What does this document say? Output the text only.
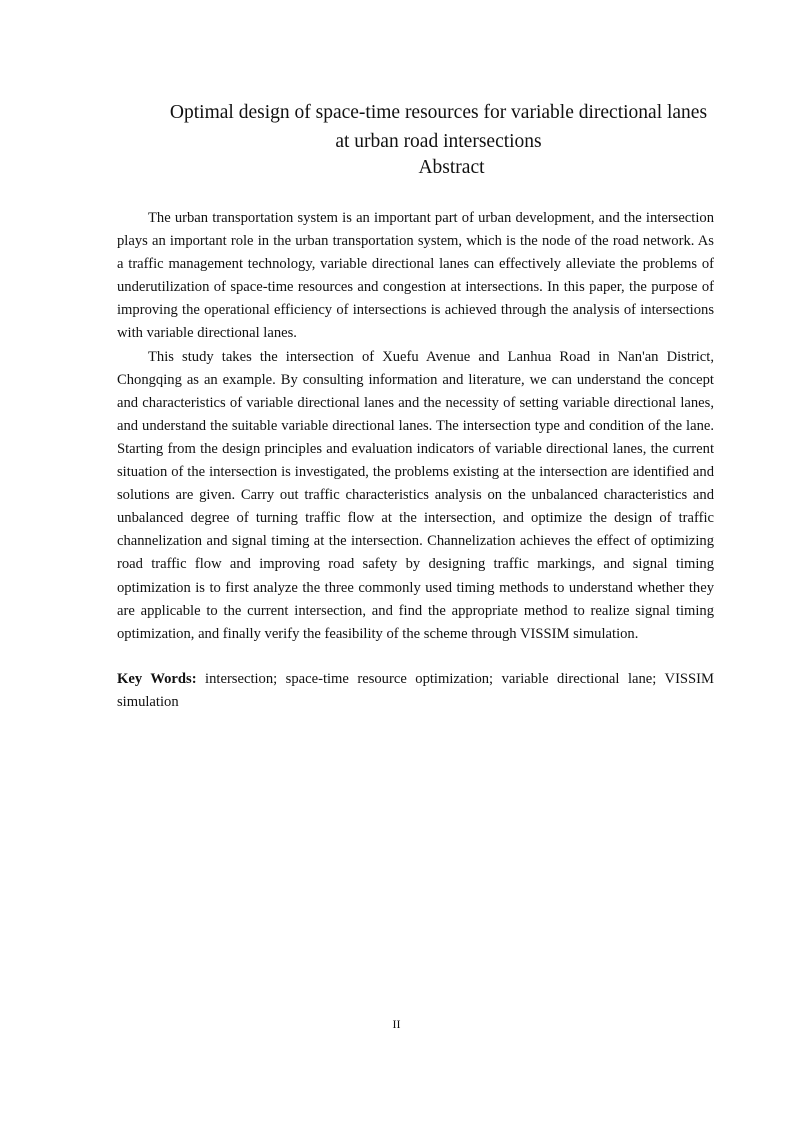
Optimal design of space-time resources for variable directional lanes
at urban road intersections
Abstract

The urban transportation system is an important part of urban development, and the intersection plays an important role in the urban transportation system, which is the node of the road network. As a traffic management technology, variable directional lanes can effectively alleviate the problems of underutilization of space-time resources and congestion at intersections. In this paper, the purpose of improving the operational efficiency of intersections is achieved through the analysis of intersections with variable directional lanes.

This study takes the intersection of Xuefu Avenue and Lanhua Road in Nan'an District, Chongqing as an example. By consulting information and literature, we can understand the concept and characteristics of variable directional lanes and the necessity of setting variable directional lanes, and understand the suitable variable directional lanes. The intersection type and condition of the lane. Starting from the design principles and evaluation indicators of variable directional lanes, the current situation of the intersection is investigated, the problems existing at the intersection are identified and solutions are given. Carry out traffic characteristics analysis on the unbalanced characteristics and unbalanced degree of turning traffic flow at the intersection, and optimize the design of traffic channelization and signal timing at the intersection. Channelization achieves the effect of optimizing road traffic flow and improving road safety by designing traffic markings, and signal timing optimization is to first analyze the three commonly used timing methods to understand whether they are applicable to the current intersection, and find the appropriate method to realize signal timing optimization, and finally verify the feasibility of the scheme through VISSIM simulation.

Key Words: intersection; space-time resource optimization; variable directional lane; VISSIM simulation

II
